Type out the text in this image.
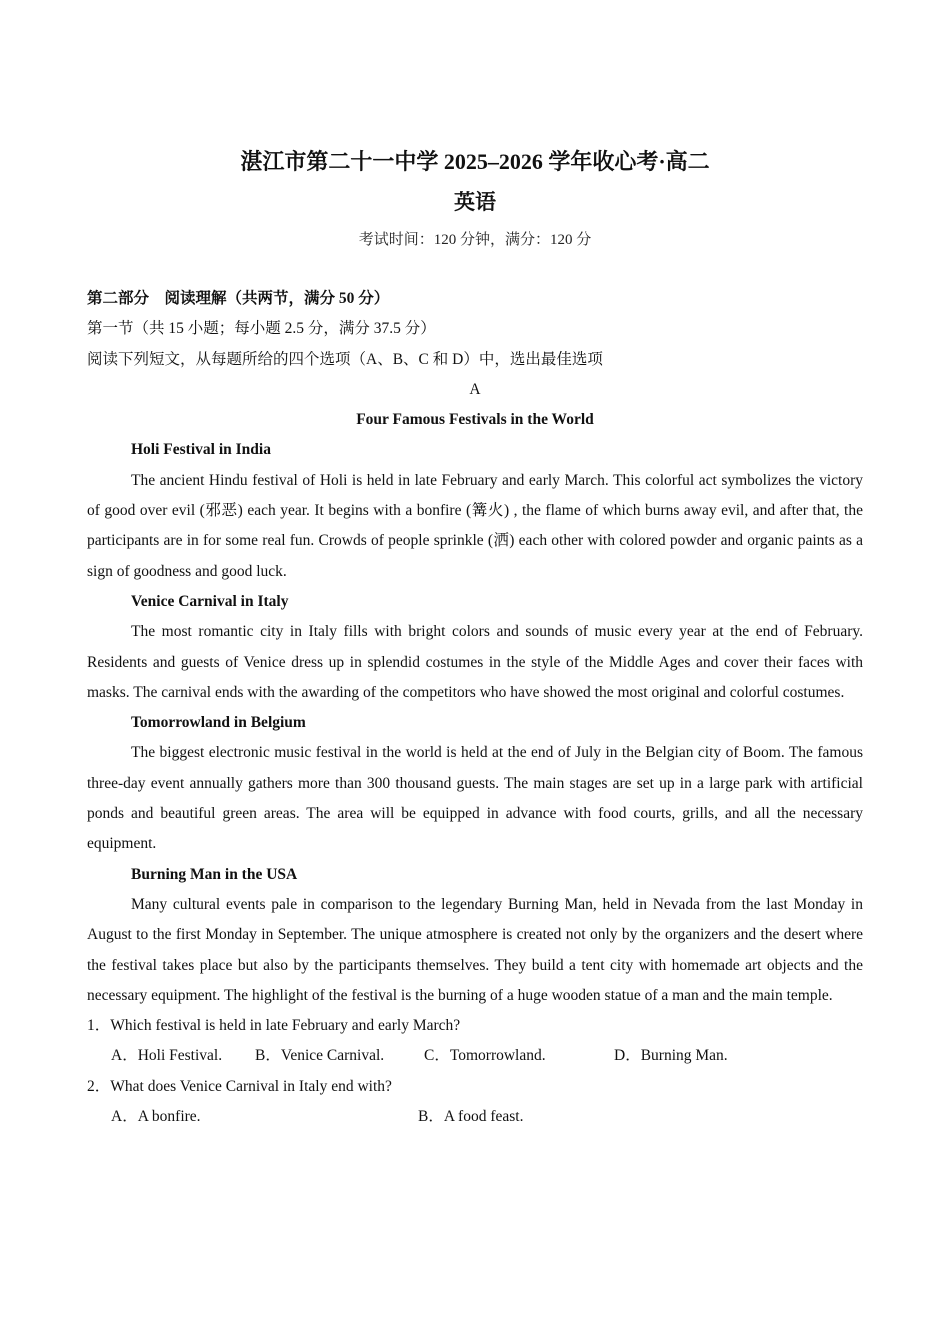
湛江市第二十一中学 2025–2026 学年收心考·高二
英语
考试时间：120 分钟，满分：120 分
第二部分　阅读理解（共两节，满分 50 分）
第一节（共 15 小题；每小题 2.5 分，满分 37.5 分）
阅读下列短文，从每题所给的四个选项（A、B、C 和 D）中，选出最佳选项
A
Four Famous Festivals in the World
Holi Festival in India

The ancient Hindu festival of Holi is held in late February and early March. This colorful act symbolizes the victory of good over evil (邪恶) each year. It begins with a bonfire (篝火) , the flame of which burns away evil, and after that, the participants are in for some real fun. Crowds of people sprinkle (洒) each other with colored powder and organic paints as a sign of goodness and good luck.

Venice Carnival in Italy

The most romantic city in Italy fills with bright colors and sounds of music every year at the end of February. Residents and guests of Venice dress up in splendid costumes in the style of the Middle Ages and cover their faces with masks. The carnival ends with the awarding of the competitors who have showed the most original and colorful costumes.

Tomorrowland in Belgium

The biggest electronic music festival in the world is held at the end of July in the Belgian city of Boom. The famous three-day event annually gathers more than 300 thousand guests. The main stages are set up in a large park with artificial ponds and beautiful green areas. The area will be equipped in advance with food courts, grills, and all the necessary equipment.

Burning Man in the USA

Many cultural events pale in comparison to the legendary Burning Man, held in Nevada from the last Monday in August to the first Monday in September. The unique atmosphere is created not only by the organizers and the desert where the festival takes place but also by the participants themselves. They build a tent city with homemade art objects and the necessary equipment. The highlight of the festival is the burning of a huge wooden statue of a man and the main temple.

1．Which festival is held in late February and early March?
A．Holi Festival. B．Venice Carnival.	C．Tomorrowland.	D．Burning Man.
2．What does Venice Carnival in Italy end with?
A．A bonfire.	B．A food feast.
